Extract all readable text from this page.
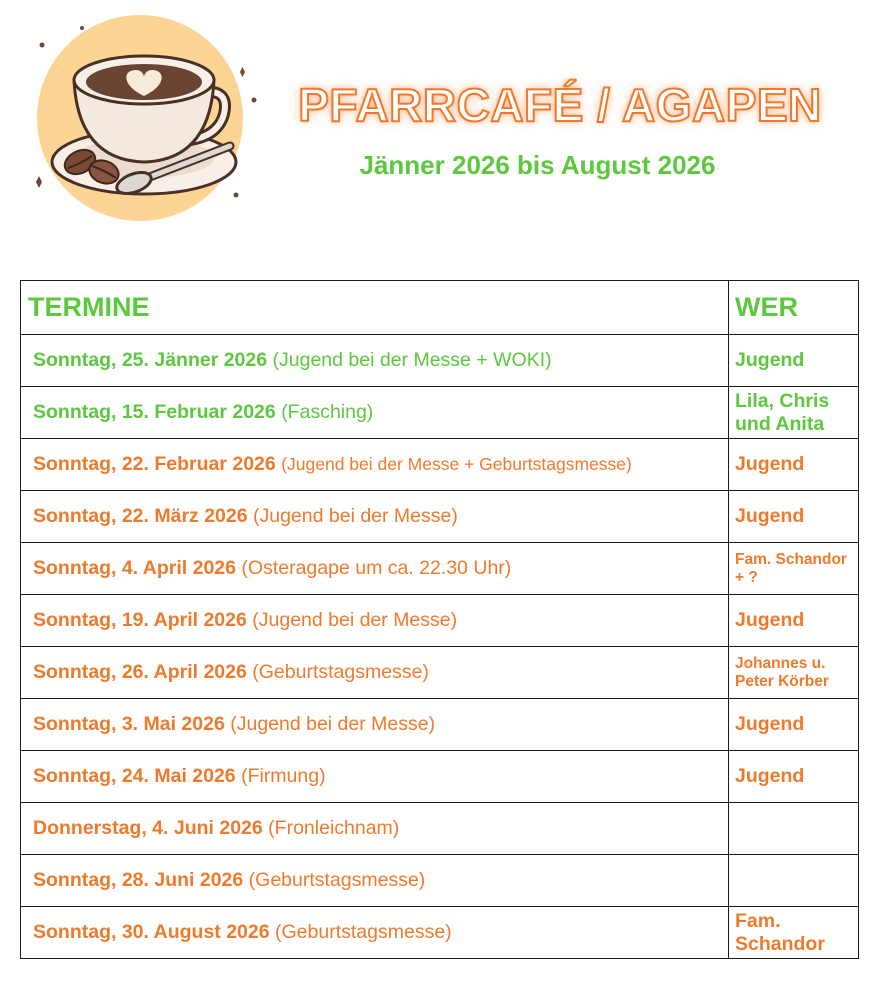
PFARRCAFÉ / AGAPEN
Jänner 2026 bis August 2026
TERMINE	WER
Sonntag, 25. Jänner 2026 (Jugend bei der Messe + WOKI)	Jugend
Sonntag, 15. Februar 2026 (Fasching)	Lila, Chris und Anita
Sonntag, 22. Februar 2026 (Jugend bei der Messe + Geburtstagsmesse)	Jugend
Sonntag, 22. März 2026 (Jugend bei der Messe)	Jugend
Sonntag, 4. April 2026 (Osteragape um ca. 22.30 Uhr)	Fam. Schandor + ?
Sonntag, 19. April 2026 (Jugend bei der Messe)	Jugend
Sonntag, 26. April 2026 (Geburtstagsmesse)	Johannes u. Peter Körber
Sonntag, 3. Mai 2026 (Jugend bei der Messe)	Jugend
Sonntag, 24. Mai 2026 (Firmung)	Jugend
Donnerstag, 4. Juni 2026 (Fronleichnam)	
Sonntag, 28. Juni 2026 (Geburtstagsmesse)	
Sonntag, 30. August 2026 (Geburtstagsmesse)	Fam. Schandor
